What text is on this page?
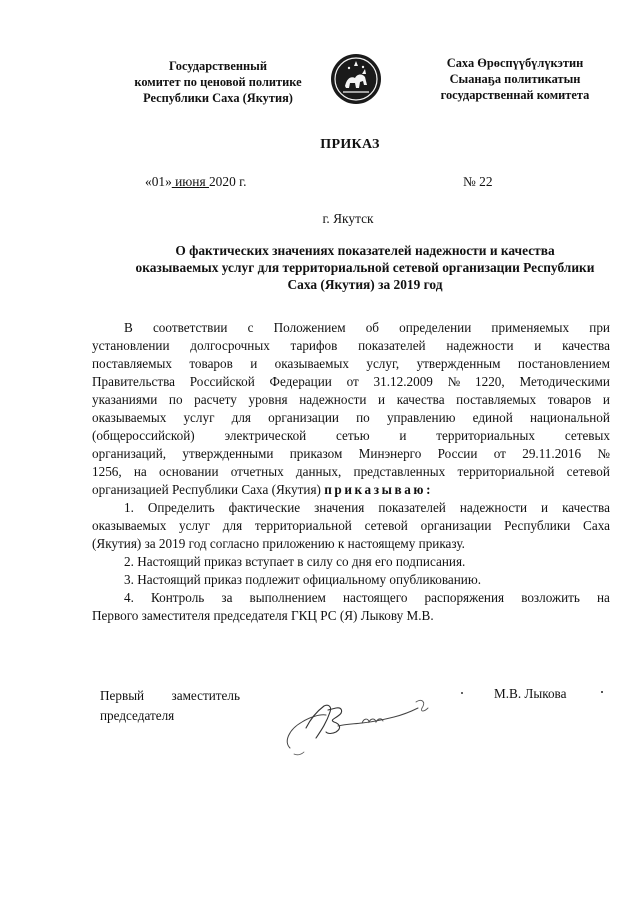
Государственный
комитет по ценовой политике
Республики Саха (Якутия)
Саха Өрөспүүбүлүкэтин
Сыанаҕа политикатын
государственнай комитета
ПРИКАЗ
«01» июня 2020 г.	№ 22
г. Якутск
О фактических значениях показателей надежности и качества
оказываемых услуг для территориальной сетевой организации Республики
Саха (Якутия) за 2019 год
В соответствии с Положением об определении применяемых при
установлении долгосрочных тарифов показателей надежности и качества
поставляемых товаров и оказываемых услуг, утвержденным постановлением
Правительства Российской Федерации от 31.12.2009 № 1220, Методическими
указаниями по расчету уровня надежности и качества поставляемых товаров и
оказываемых услуг для организации по управлению единой национальной
(общероссийской) электрической сетью и территориальных сетевых
организаций, утвержденными приказом Минэнерго России от 29.11.2016 №
1256, на основании отчетных данных, представленных территориальной сетевой
организацией Республики Саха (Якутия)
приказываю:
1. Определить фактические значения показателей надежности и качества
оказываемых услуг для территориальной сетевой организации Республики Саха
(Якутия) за 2019 год согласно приложению к настоящему приказу.
2. Настоящий приказ вступает в силу со дня его подписания.
3. Настоящий приказ подлежит официальному опубликованию.
4. Контроль за выполнением настоящего распоряжения возложить на
Первого заместителя председателя ГКЦ РС (Я) Лыкову М.В.
Первый заместитель
председателя
М.В. Лыкова
